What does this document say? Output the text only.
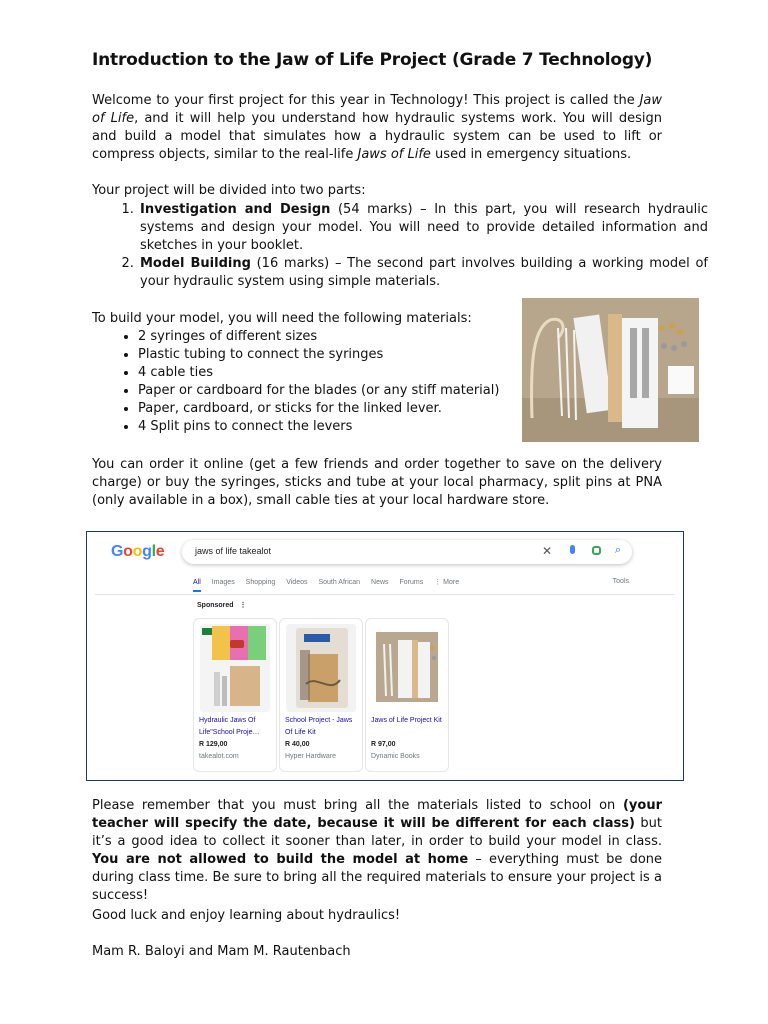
Introduction to the Jaw of Life Project (Grade 7 Technology)
Welcome to your first project for this year in Technology! This project is called the Jaw of Life, and it will help you understand how hydraulic systems work. You will design and build a model that simulates how a hydraulic system can be used to lift or compress objects, similar to the real-life Jaws of Life used in emergency situations.
Your project will be divided into two parts:
1. Investigation and Design (54 marks) – In this part, you will research hydraulic systems and design your model. You will need to provide detailed information and sketches in your booklet.
2. Model Building (16 marks) – The second part involves building a working model of your hydraulic system using simple materials.
To build your model, you will need the following materials:
• 2 syringes of different sizes
• Plastic tubing to connect the syringes
• 4 cable ties
• Paper or cardboard for the blades (or any stiff material)
• Paper, cardboard, or sticks for the linked lever.
• 4 Split pins to connect the levers
You can order it online (get a few friends and order together to save on the delivery charge) or buy the syringes, sticks and tube at your local pharmacy, split pins at PNA (only available in a box), small cable ties at your local hardware store.
Google	jaws of life takealot	✕	⌕
All Images Shopping Videos South African News Forums ⋮ More	Tools
Sponsored ⋮
Hydraulic Jaws Of Life"School Proje…
R 129,00
takealot.com
School Project - Jaws Of Life Kit
R 40,00
Hyper Hardware
Jaws of Life Project Kit
R 97,00
Dynamic Books
Please remember that you must bring all the materials listed to school on (your teacher will specify the date, because it will be different for each class) but it’s a good idea to collect it sooner than later, in order to build your model in class. You are not allowed to build the model at home – everything must be done during class time. Be sure to bring all the required materials to ensure your project is a success!
Good luck and enjoy learning about hydraulics!
Mam R. Baloyi and Mam M. Rautenbach
